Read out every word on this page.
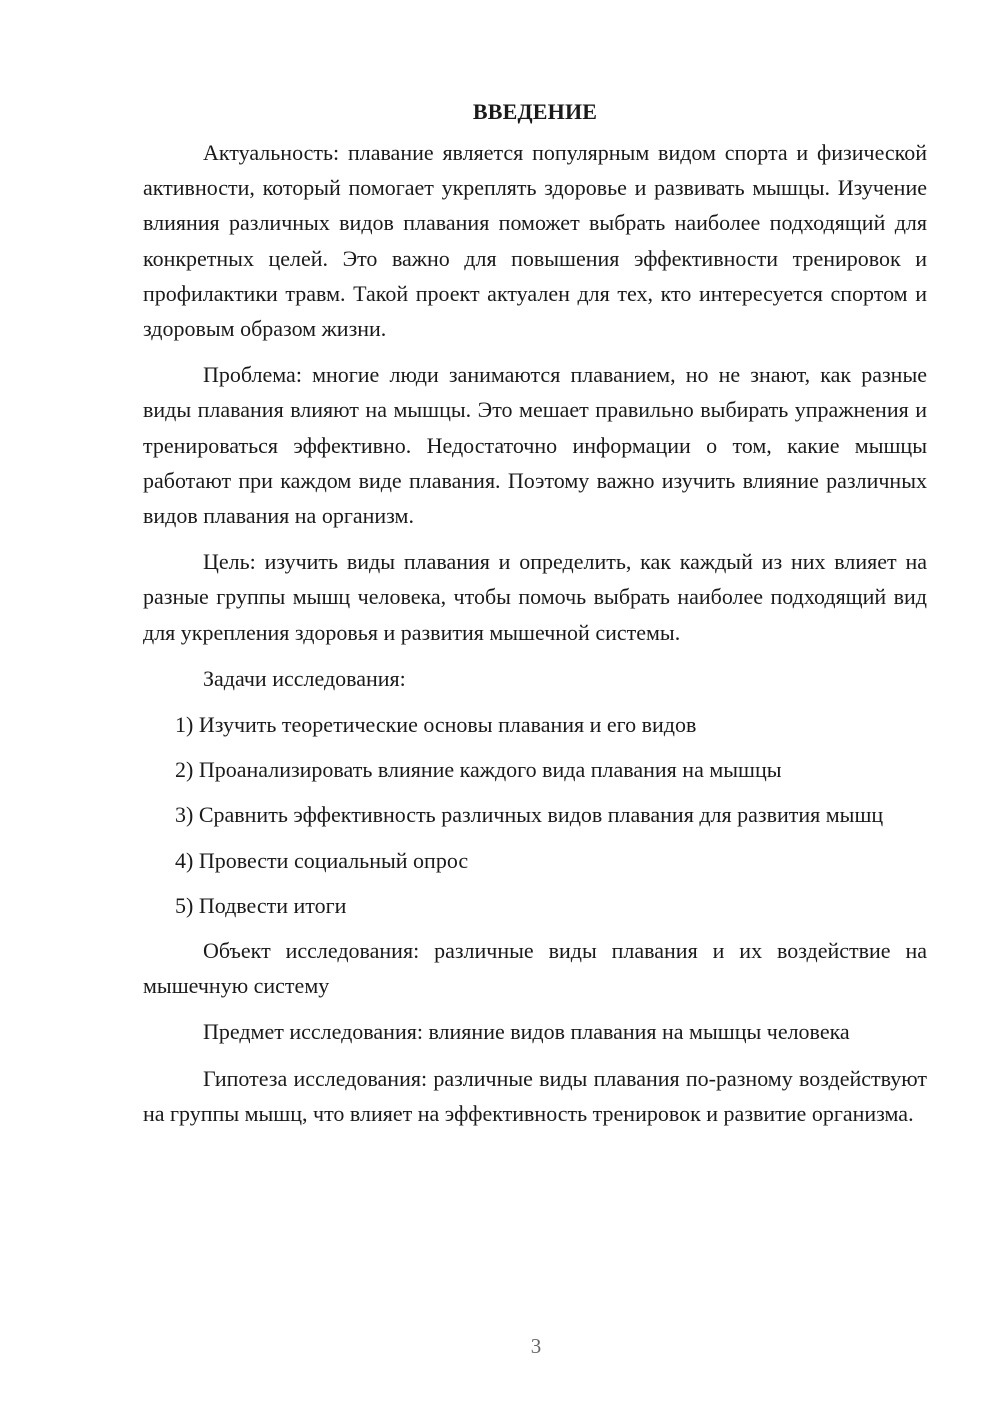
ВВЕДЕНИЕ

Актуальность: плавание является популярным видом спорта и физической активности, который помогает укреплять здоровье и развивать мышцы. Изучение влияния различных видов плавания поможет выбрать наиболее подходящий для конкретных целей. Это важно для повышения эффективности тренировок и профилактики травм. Такой проект актуален для тех, кто интересуется спортом и здоровым образом жизни.

Проблема: многие люди занимаются плаванием, но не знают, как разные виды плавания влияют на мышцы. Это мешает правильно выбирать упражнения и тренироваться эффективно. Недостаточно информации о том, какие мышцы работают при каждом виде плавания. Поэтому важно изучить влияние различных видов плавания на организм.

Цель: изучить виды плавания и определить, как каждый из них влияет на разные группы мышц человека, чтобы помочь выбрать наиболее подходящий вид для укрепления здоровья и развития мышечной системы.

Задачи исследования:

1) Изучить теоретические основы плавания и его видов

2) Проанализировать влияние каждого вида плавания на мышцы

3) Сравнить эффективность различных видов плавания для развития мышц

4) Провести социальный опрос

5) Подвести итоги

Объект исследования: различные виды плавания и их воздействие на мышечную систему

Предмет исследования: влияние видов плавания на мышцы человека

Гипотеза исследования: различные виды плавания по-разному воздействуют на группы мышц, что влияет на эффективность тренировок и развитие организма.

3
